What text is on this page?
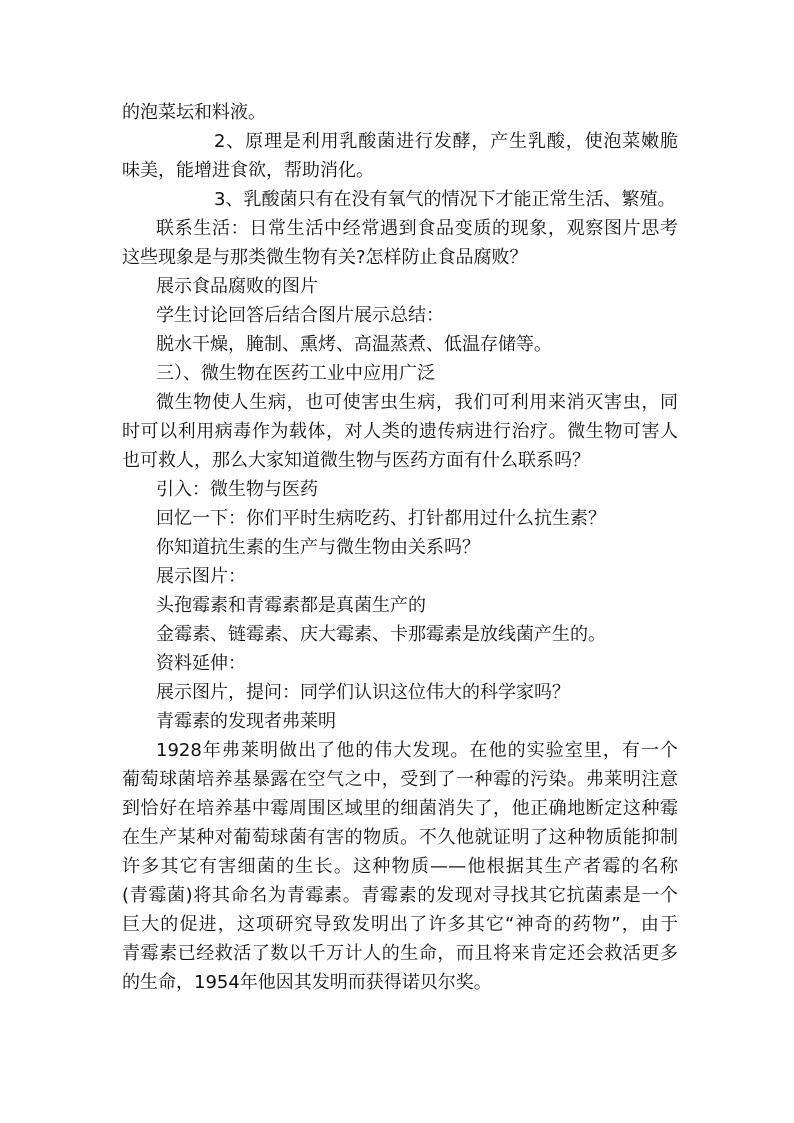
的泡菜坛和料液。

2、原理是利用乳酸菌进行发酵，产生乳酸，使泡菜嫩脆

味美，能增进食欲，帮助消化。

3、乳酸菌只有在没有氧气的情况下才能正常生活、繁殖。

联系生活：日常生活中经常遇到食品变质的现象，观察图片思考

这些现象是与那类微生物有关?怎样防止食品腐败？

展示食品腐败的图片

学生讨论回答后结合图片展示总结：

脱水干燥，腌制、熏烤、高温蒸煮、低温存储等。

三）、微生物在医药工业中应用广泛

微生物使人生病，也可使害虫生病，我们可利用来消灭害虫，同

时可以利用病毒作为载体，对人类的遗传病进行治疗。微生物可害人

也可救人，那么大家知道微生物与医药方面有什么联系吗？

引入：微生物与医药

回忆一下：你们平时生病吃药、打针都用过什么抗生素？

你知道抗生素的生产与微生物由关系吗？

展示图片：

头孢霉素和青霉素都是真菌生产的

金霉素、链霉素、庆大霉素、卡那霉素是放线菌产生的。

资料延伸：

展示图片，提问：同学们认识这位伟大的科学家吗？

青霉素的发现者弗莱明

1928年弗莱明做出了他的伟大发现。在他的实验室里，有一个

葡萄球菌培养基暴露在空气之中，受到了一种霉的污染。弗莱明注意

到恰好在培养基中霉周围区域里的细菌消失了，他正确地断定这种霉

在生产某种对葡萄球菌有害的物质。不久他就证明了这种物质能抑制

许多其它有害细菌的生长。这种物质——他根据其生产者霉的名称

(青霉菌)将其命名为青霉素。青霉素的发现对寻找其它抗菌素是一个

巨大的促进，这项研究导致发明出了许多其它“神奇的药物”，由于

青霉素已经救活了数以千万计人的生命，而且将来肯定还会救活更多

的生命，1954年他因其发明而获得诺贝尔奖。
